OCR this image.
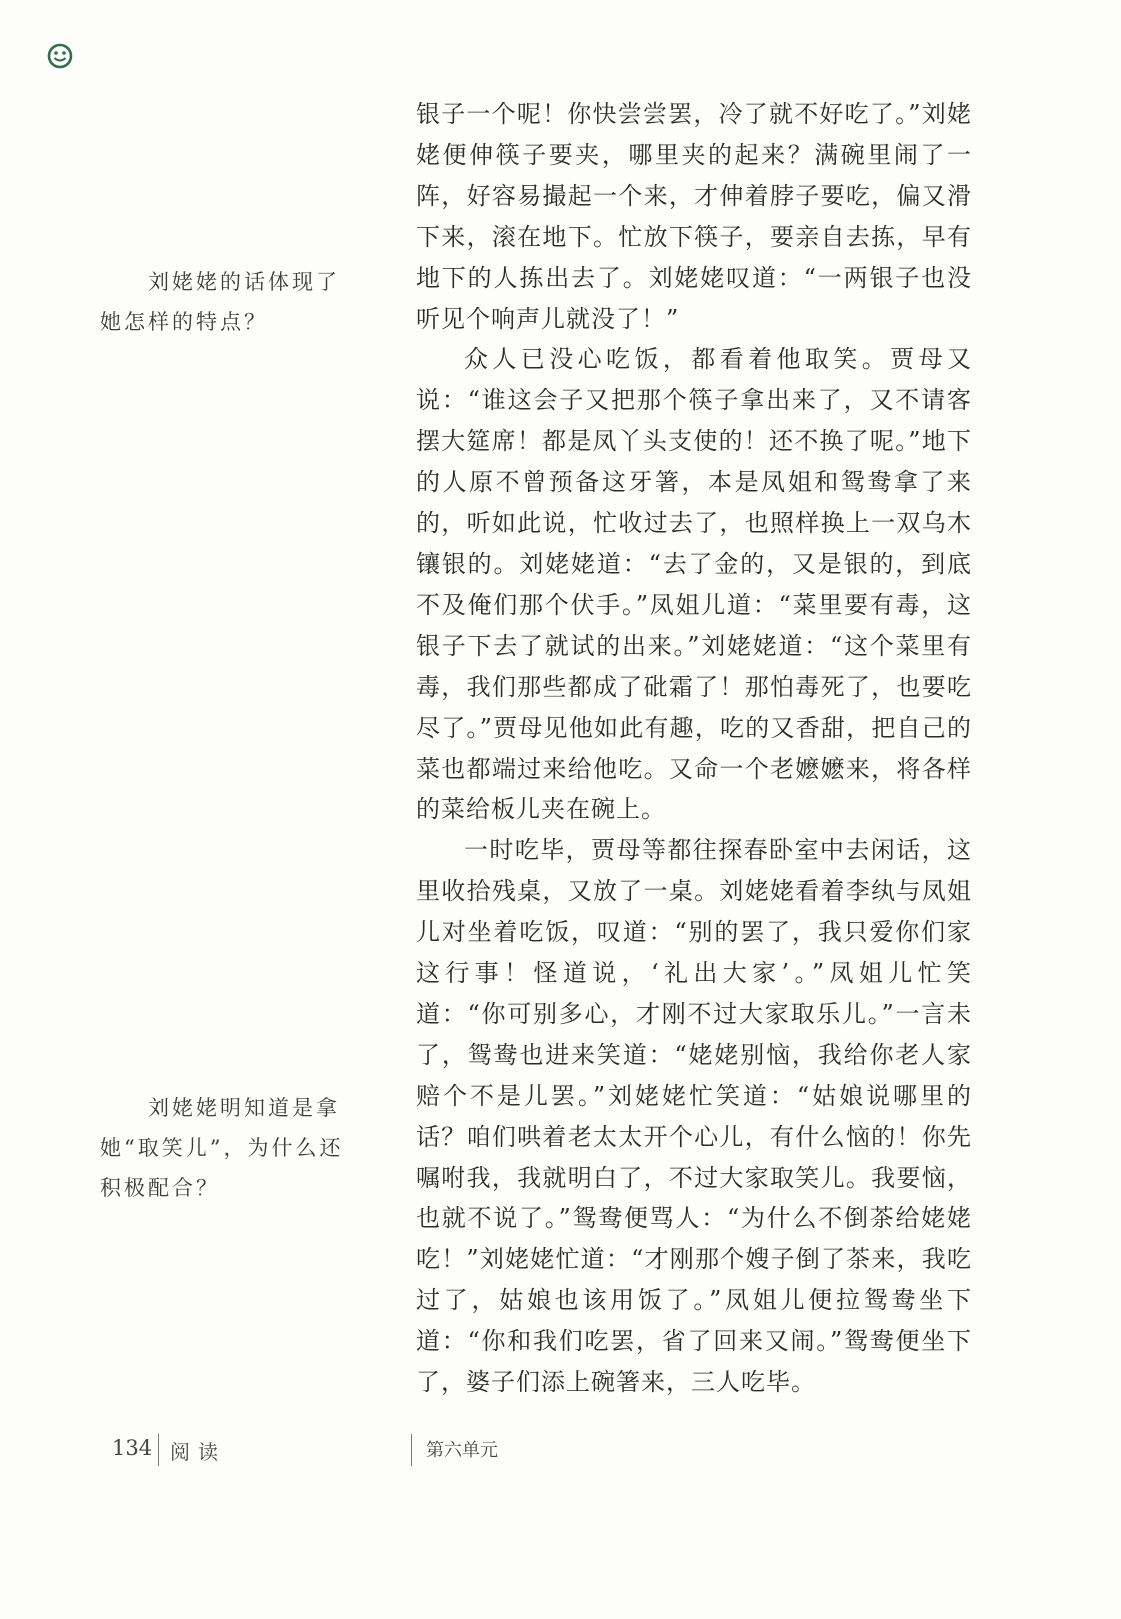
刘姥姥的话体现了她怎样的特点？

刘姥姥明知道是拿她“取笑儿”，为什么还积极配合？

银子一个呢！你快尝尝罢，冷了就不好吃了。”刘姥姥便伸筷子要夹，哪里夹的起来？满碗里闹了一阵，好容易撮起一个来，才伸着脖子要吃，偏又滑下来，滚在地下。忙放下筷子，要亲自去拣，早有地下的人拣出去了。刘姥姥叹道：“一两银子也没听见个响声儿就没了！”

众人已没心吃饭，都看着他取笑。贾母又说：“谁这会子又把那个筷子拿出来了，又不请客摆大筵席！都是凤丫头支使的！还不换了呢。”地下的人原不曾预备这牙箸，本是凤姐和鸳鸯拿了来的，听如此说，忙收过去了，也照样换上一双乌木镶银的。刘姥姥道：“去了金的，又是银的，到底不及俺们那个伏手。”凤姐儿道：“菜里要有毒，这银子下去了就试的出来。”刘姥姥道：“这个菜里有毒，我们那些都成了砒霜了！那怕毒死了，也要吃尽了。”贾母见他如此有趣，吃的又香甜，把自己的菜也都端过来给他吃。又命一个老嬷嬷来，将各样的菜给板儿夹在碗上。

一时吃毕，贾母等都往探春卧室中去闲话，这里收拾残桌，又放了一桌。刘姥姥看着李纨与凤姐儿对坐着吃饭，叹道：“别的罢了，我只爱你们家这行事！怪道说，‘礼出大家’。”凤姐儿忙笑道：“你可别多心，才刚不过大家取乐儿。”一言未了，鸳鸯也进来笑道：“姥姥别恼，我给你老人家赔个不是儿罢。”刘姥姥忙笑道：“姑娘说哪里的话？咱们哄着老太太开个心儿，有什么恼的！你先嘱咐我，我就明白了，不过大家取笑儿。我要恼，也就不说了。”鸳鸯便骂人：“为什么不倒茶给姥姥吃！”刘姥姥忙道：“才刚那个嫂子倒了茶来，我吃过了，姑娘也该用饭了。”凤姐儿便拉鸳鸯坐下道：“你和我们吃罢，省了回来又闹。”鸳鸯便坐下了，婆子们添上碗箸来，三人吃毕。

134 阅读	第六单元
